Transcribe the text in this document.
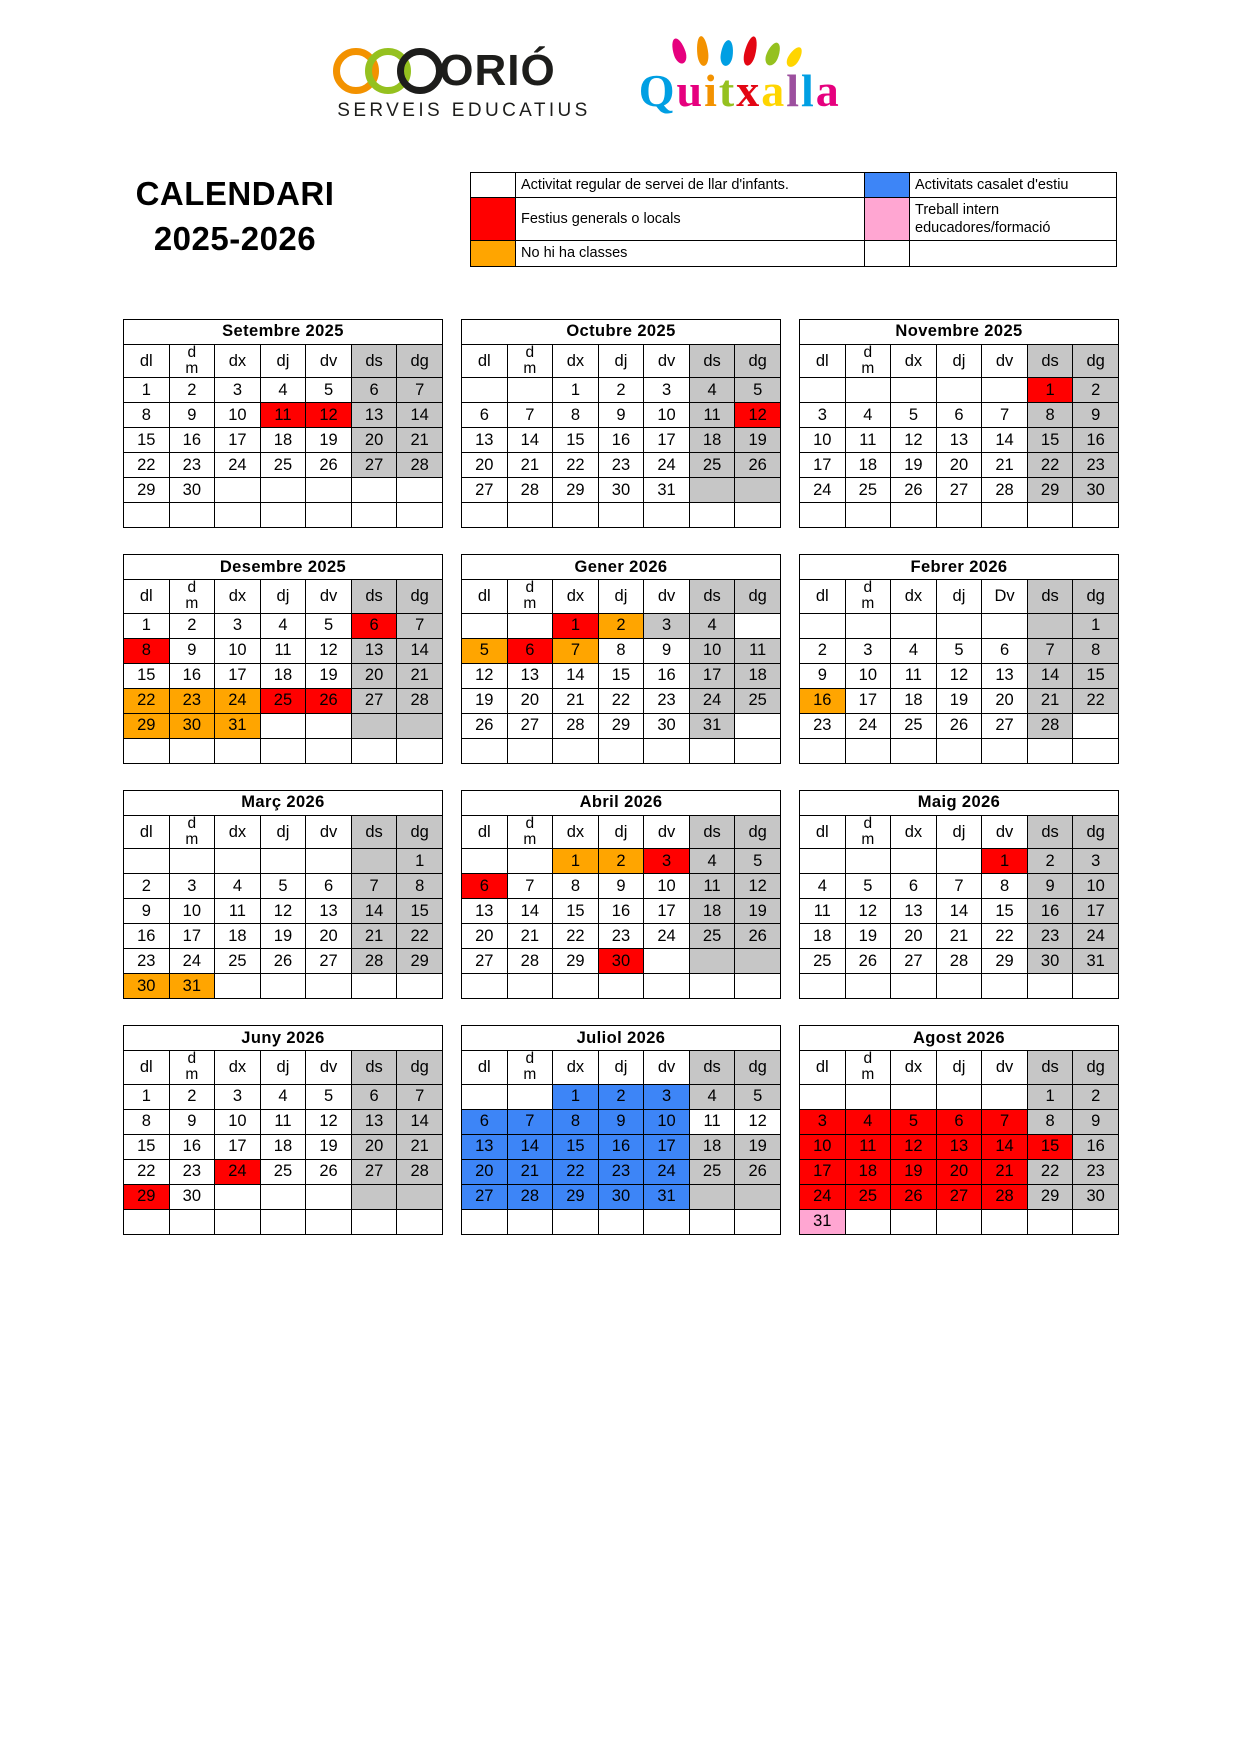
ORIÓ
SERVEIS EDUCATIUS Quitxalla
CALENDARI
2025-2026
	Activitat regular de servei de llar d'infants.		Activitats casalet d'estiu
	Festius generals o locals		Treball intern educadores/formació
	No hi ha classes		
Setembre 2025						
dl	d
m	dx	dj	dv	ds	dg
1	2	3	4	5	6	7
8	9	10	11	12	13	14
15	16	17	18	19	20	21
22	23	24	25	26	27	28
29	30					

Octubre 2025						
dl	d
m	dx	dj	dv	ds	dg
		1	2	3	4	5
6	7	8	9	10	11	12
13	14	15	16	17	18	19
20	21	22	23	24	25	26
27	28	29	30	31		

Novembre 2025						
dl	d
m	dx	dj	dv	ds	dg
					1	2
3	4	5	6	7	8	9
10	11	12	13	14	15	16
17	18	19	20	21	22	23
24	25	26	27	28	29	30

Desembre 2025						
dl	d
m	dx	dj	dv	ds	dg
1	2	3	4	5	6	7
8	9	10	11	12	13	14
15	16	17	18	19	20	21
22	23	24	25	26	27	28
29	30	31				

Gener 2026						
dl	d
m	dx	dj	dv	ds	dg
		1	2	3	4	
5	6	7	8	9	10	11
12	13	14	15	16	17	18
19	20	21	22	23	24	25
26	27	28	29	30	31	

Febrer 2026						
dl	d
m	dx	dj	Dv	ds	dg
						1
2	3	4	5	6	7	8
9	10	11	12	13	14	15
16	17	18	19	20	21	22
23	24	25	26	27	28	

Març 2026						
dl	d
m	dx	dj	dv	ds	dg
						1
2	3	4	5	6	7	8
9	10	11	12	13	14	15
16	17	18	19	20	21	22
23	24	25	26	27	28	29
30	31					
Abril 2026						
dl	d
m	dx	dj	dv	ds	dg
		1	2	3	4	5
6	7	8	9	10	11	12
13	14	15	16	17	18	19
20	21	22	23	24	25	26
27	28	29	30			

Maig 2026						
dl	d
m	dx	dj	dv	ds	dg
				1	2	3
4	5	6	7	8	9	10
11	12	13	14	15	16	17
18	19	20	21	22	23	24
25	26	27	28	29	30	31

Juny 2026						
dl	d
m	dx	dj	dv	ds	dg
1	2	3	4	5	6	7
8	9	10	11	12	13	14
15	16	17	18	19	20	21
22	23	24	25	26	27	28
29	30					

Juliol 2026						
dl	d
m	dx	dj	dv	ds	dg
		1	2	3	4	5
6	7	8	9	10	11	12
13	14	15	16	17	18	19
20	21	22	23	24	25	26
27	28	29	30	31		

Agost 2026						
dl	d
m	dx	dj	dv	ds	dg
					1	2
3	4	5	6	7	8	9
10	11	12	13	14	15	16
17	18	19	20	21	22	23
24	25	26	27	28	29	30
31						
